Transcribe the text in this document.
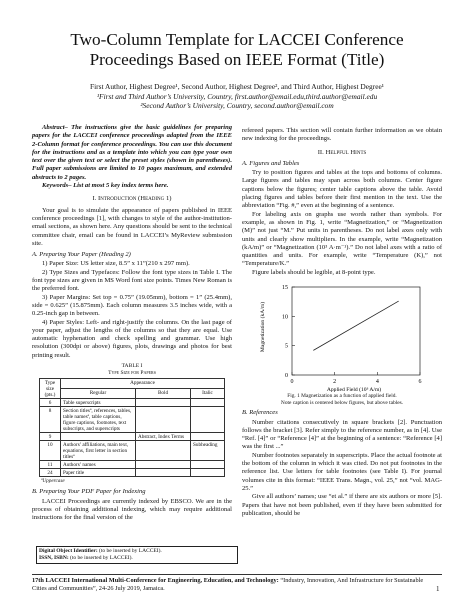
Two-Column Template for LACCEI Conference
Proceedings Based on IEEE Format (Title)
First Author, Highest Degree¹, Second Author, Highest Degree², and Third Author, Highest Degree¹
¹First and Third Author’s University, Country, first.author@email.edu,third.author@email.edu
²Second Author’s University, Country, second.author@email.com

Abstract– The instructions give the basic guidelines for preparing papers for the LACCEI conference proceedings adapted from the IEEE 2-Column format for conference proceedings. You can use this document for the instructions and as a template into which you can type your own text over the given text or select the preset styles (shown in parentheses). Full paper submissions are limited to 10 pages maximum, and extended abstracts to 2 pages.

Keywords– List at most 5 key index terms here.

I. Introduction (Heading 1)

Your goal is to simulate the appearance of papers published in IEEE conference proceedings [1], with changes to style of the author-institution-email sections, as shown here. Any questions should be sent to the technical committee chair, email can be found in LACCEI’s MyReview submission site.

A. Preparing Your Paper (Heading 2)

1) Paper Size: US letter size, 8.5” x 11”(210 x 297 mm).

2) Type Sizes and Typefaces: Follow the font type sizes in Table I. The font type sizes are given in MS Word font size points. Times New Roman is the preferred font.

3) Paper Margins: Set top = 0.75” (19.05mm), bottom = 1” (25.4mm), side = 0.625” (15.875mm). Each column measures 3.5 inches wide, with a 0.25-inch gap in between.

4) Paper Styles: Left- and right-justify the columns. On the last page of your paper, adjust the lengths of the columns so that they are equal. Use automatic hyphenation and check spelling and grammar. Use high resolution (300dpi or above) figures, plots, drawings and photos for best printing result.

TABLE I
Type Size for Papers
Type size (pts.)	Appearance		
	Regular	Bold	Italic
6	Table superscripts		
8	Section titlesª, references, tables, table namesª, table captions, figure captions, footnotes, text subscripts, and superscripts		
9		Abstract, Index Terms	
10	Authors’ affiliations, main text, equations, first letter in section titlesª		Subheading
11	Authors’ names		
24	Paper title		
ªUppercase
B. Preparing Your PDF Paper for Indexing

LACCEI Proceedings are currently indexed by EBSCO. We are in the process of obtaining additional indexing, which may require additional instructions for the final version of the

Digital Object Identifier: (to be inserted by LACCEI).
ISSN, ISBN: (to be inserted by LACCEI).

refereed papers. This section will contain further information as we obtain new indexing for the proceedings.

II. Helpful Hints
A. Figures and Tables

Try to position figures and tables at the tops and bottoms of columns. Large figures and tables may span across both columns. Center figure captions below the figures; center table captions above the table. Avoid placing figures and tables before their first mention in the text. Use the abbreviation “Fig. #,” even at the beginning of a sentence.

For labeling axis on graphs use words rather than symbols. For example, as shown in Fig. 1, write “Magnetization,” or “Magnetization (M)” not just “M.” Put units in parentheses. Do not label axes only with units and clearly show multipliers. In the example, write “Magnetization (kA/m)” or “Magnetization (10³ A·m⁻¹).” Do not label axes with a ratio of quantities and units. For example, write “Temperature (K),” not “Temperature/K.”

Figure labels should be legible, at 8-point type.

0
5
10
15
0	2	4	6
Magnetization (kA/m)
Applied Field (10³ A/m)
Fig. 1 Magnetization as a function of applied field.
Note caption is centered below figures, but above tables.
B. References

Number citations consecutively in square brackets [2]. Punctuation follows the bracket [3]. Refer simply to the reference number, as in [4]. Use “Ref. [4]” or “Reference [4]” at the beginning of a sentence: “Reference [4] was the first ...”

Number footnotes separately in superscripts. Place the actual footnote at the bottom of the column in which it was cited. Do not put footnotes in the reference list. Use letters for table footnotes (see Table I). For journal volumes cite in this format: “IEEE Trans. Magn., vol. 25,” not “vol. MAG-25.”

Give all authors’ names; use “et al.” if there are six authors or more [5]. Papers that have not been published, even if they have been submitted for publication, should be

17th LACCEI International Multi-Conference for Engineering, Education, and Technology: “Industry, Innovation, And Infrastructure for Sustainable Cities and Communities”, 24-26 July 2019, Jamaica.	1
